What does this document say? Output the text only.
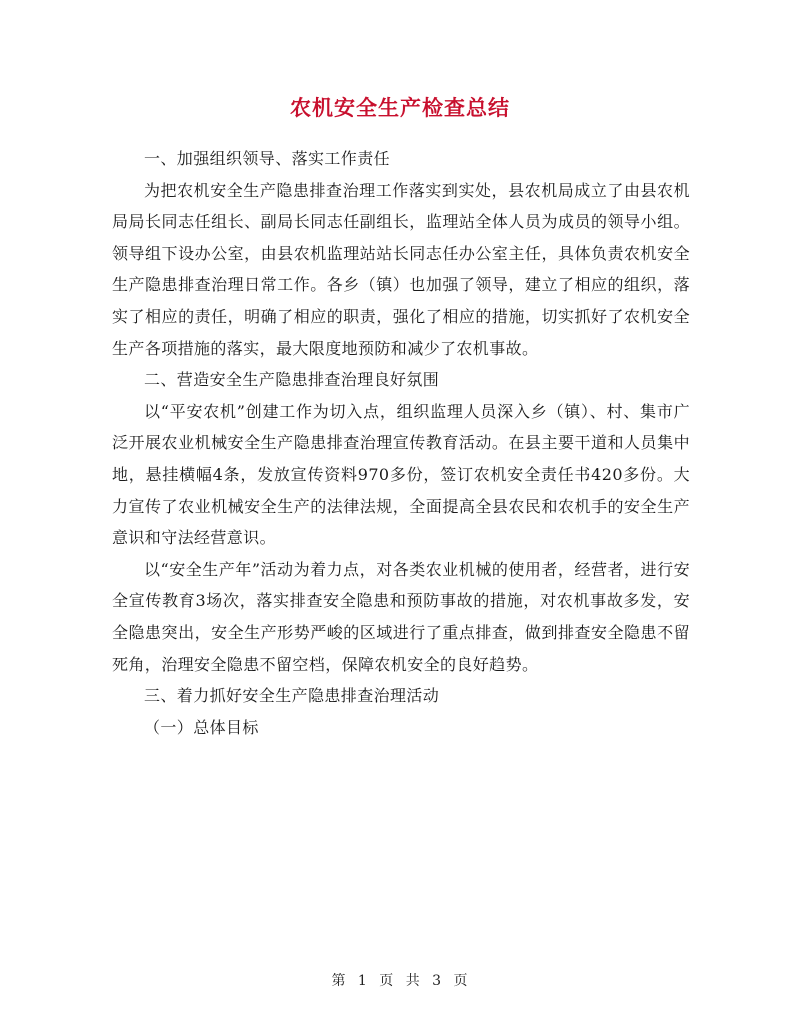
农机安全生产检查总结

一、加强组织领导、落实工作责任

为把农机安全生产隐患排查治理工作落实到实处，县农机局成立了由县农机局局长同志任组长、副局长同志任副组长，监理站全体人员为成员的领导小组。领导组下设办公室，由县农机监理站站长同志任办公室主任，具体负责农机安全生产隐患排查治理日常工作。各乡（镇）也加强了领导，建立了相应的组织，落实了相应的责任，明确了相应的职责，强化了相应的措施，切实抓好了农机安全生产各项措施的落实，最大限度地预防和减少了农机事故。

二、营造安全生产隐患排查治理良好氛围

以“平安农机”创建工作为切入点，组织监理人员深入乡（镇）、村、集市广泛开展农业机械安全生产隐患排查治理宣传教育活动。在县主要干道和人员集中地，悬挂横幅4条，发放宣传资料970多份，签订农机安全责任书420多份。大力宣传了农业机械安全生产的法律法规，全面提高全县农民和农机手的安全生产意识和守法经营意识。

以“安全生产年”活动为着力点，对各类农业机械的使用者，经营者，进行安全宣传教育3场次，落实排查安全隐患和预防事故的措施，对农机事故多发，安全隐患突出，安全生产形势严峻的区域进行了重点排查，做到排查安全隐患不留死角，治理安全隐患不留空档，保障农机安全的良好趋势。

三、着力抓好安全生产隐患排查治理活动

（一）总体目标

第 1 页 共 3 页
